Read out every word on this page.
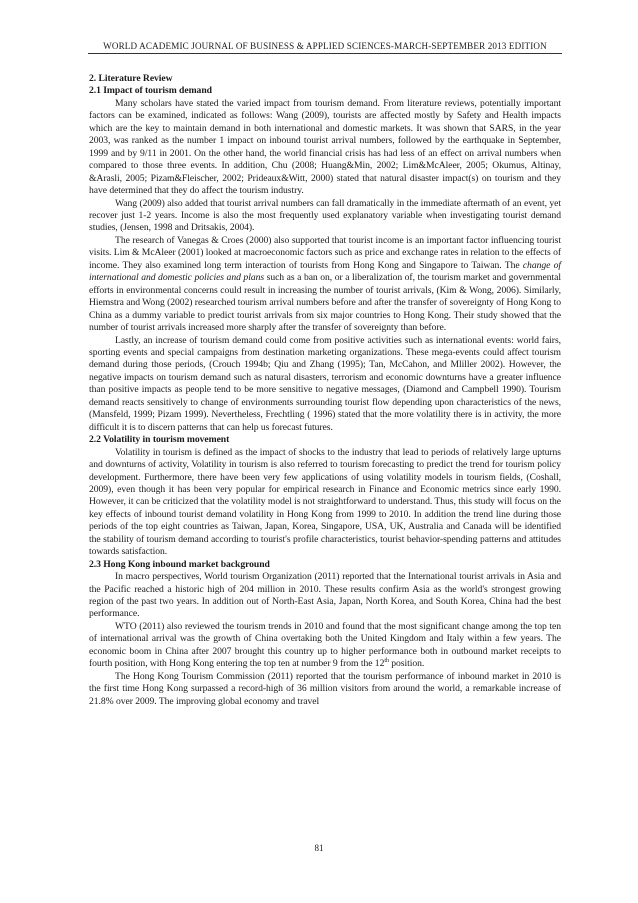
WORLD ACADEMIC JOURNAL OF BUSINESS & APPLIED SCIENCES-MARCH-SEPTEMBER 2013 EDITION
2. Literature Review
2.1 Impact of tourism demand

Many scholars have stated the varied impact from tourism demand. From literature reviews, potentially important factors can be examined, indicated as follows: Wang (2009), tourists are affected mostly by Safety and Health impacts which are the key to maintain demand in both international and domestic markets. It was shown that SARS, in the year 2003, was ranked as the number 1 impact on inbound tourist arrival numbers, followed by the earthquake in September, 1999 and by 9/11 in 2001. On the other hand, the world financial crisis has had less of an effect on arrival numbers when compared to those three events. In addition, Chu (2008; Huang&Min, 2002; Lim&McAleer, 2005; Okumus, Altinay, &Arasli, 2005; Pizam&Fleischer, 2002; Prideaux&Witt, 2000) stated that natural disaster impact(s) on tourism and they have determined that they do affect the tourism industry.

Wang (2009) also added that tourist arrival numbers can fall dramatically in the immediate aftermath of an event, yet recover just 1-2 years. Income is also the most frequently used explanatory variable when investigating tourist demand studies, (Jensen, 1998 and Dritsakis, 2004).

The research of Vanegas & Croes (2000) also supported that tourist income is an important factor influencing tourist visits. Lim & McAleer (2001) looked at macroeconomic factors such as price and exchange rates in relation to the effects of income. They also examined long term interaction of tourists from Hong Kong and Singapore to Taiwan. The change of international and domestic policies and plans such as a ban on, or a liberalization of, the tourism market and governmental efforts in environmental concerns could result in increasing the number of tourist arrivals, (Kim & Wong, 2006). Similarly, Hiemstra and Wong (2002) researched tourism arrival numbers before and after the transfer of sovereignty of Hong Kong to China as a dummy variable to predict tourist arrivals from six major countries to Hong Kong. Their study showed that the number of tourist arrivals increased more sharply after the transfer of sovereignty than before.

Lastly, an increase of tourism demand could come from positive activities such as international events: world fairs, sporting events and special campaigns from destination marketing organizations. These mega-events could affect tourism demand during those periods, (Crouch 1994b; Qiu and Zhang (1995); Tan, McCahon, and Mliller 2002). However, the negative impacts on tourism demand such as natural disasters, terrorism and economic downturns have a greater influence than positive impacts as people tend to be more sensitive to negative messages, (Diamond and Campbell 1990). Tourism demand reacts sensitively to change of environments surrounding tourist flow depending upon characteristics of the news, (Mansfeld, 1999; Pizam 1999). Nevertheless, Frechtling ( 1996) stated that the more volatility there is in activity, the more difficult it is to discern patterns that can help us forecast futures.

2.2 Volatility in tourism movement

Volatility in tourism is defined as the impact of shocks to the industry that lead to periods of relatively large upturns and downturns of activity, Volatility in tourism is also referred to tourism forecasting to predict the trend for tourism policy development. Furthermore, there have been very few applications of using volatility models in tourism fields, (Coshall, 2009), even though it has been very popular for empirical research in Finance and Economic metrics since early 1990. However, it can be criticized that the volatility model is not straightforward to understand. Thus, this study will focus on the key effects of inbound tourist demand volatility in Hong Kong from 1999 to 2010. In addition the trend line during those periods of the top eight countries as Taiwan, Japan, Korea, Singapore, USA, UK, Australia and Canada will be identified the stability of tourism demand according to tourist's profile characteristics, tourist behavior-spending patterns and attitudes towards satisfaction.

2.3 Hong Kong inbound market background

In macro perspectives, World tourism Organization (2011) reported that the International tourist arrivals in Asia and the Pacific reached a historic high of 204 million in 2010. These results confirm Asia as the world's strongest growing region of the past two years. In addition out of North-East Asia, Japan, North Korea, and South Korea, China had the best performance.

WTO (2011) also reviewed the tourism trends in 2010 and found that the most significant change among the top ten of international arrival was the growth of China overtaking both the United Kingdom and Italy within a few years. The economic boom in China after 2007 brought this country up to higher performance both in outbound market receipts to fourth position, with Hong Kong entering the top ten at number 9 from the 12th position.

The Hong Kong Tourism Commission (2011) reported that the tourism performance of inbound market in 2010 is the first time Hong Kong surpassed a record-high of 36 million visitors from around the world, a remarkable increase of 21.8% over 2009. The improving global economy and travel

81
